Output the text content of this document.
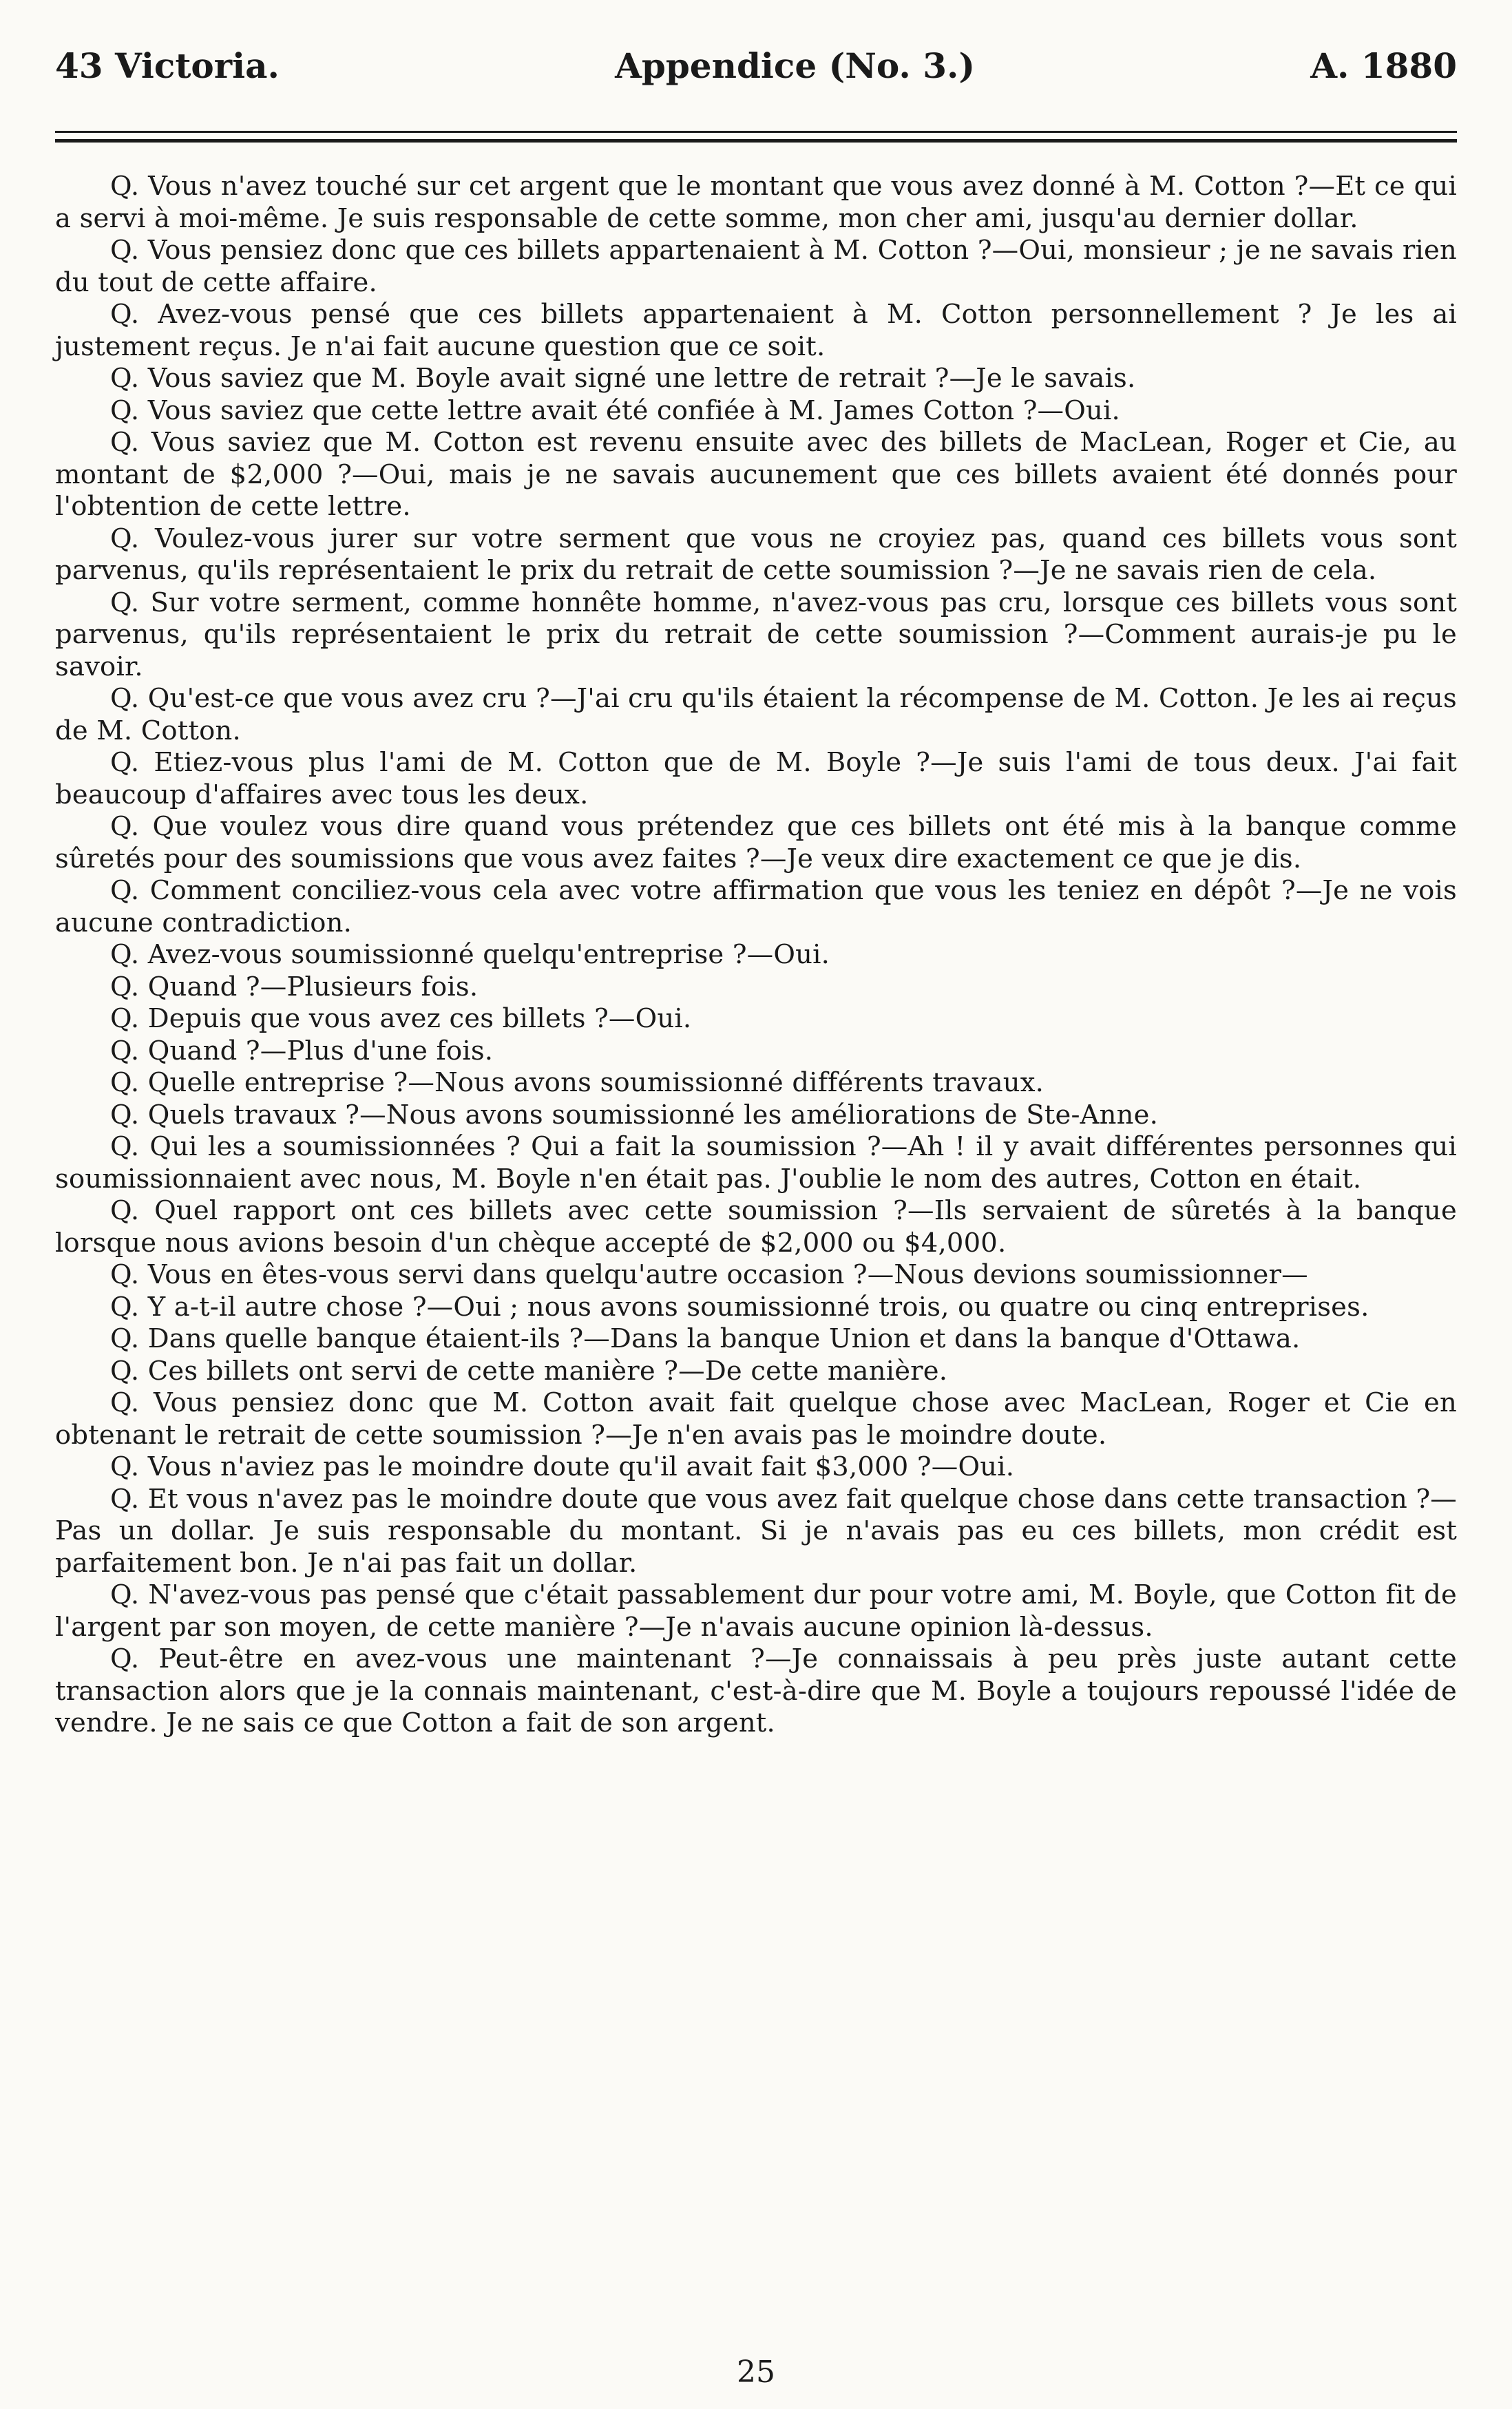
43 Victoria.	Appendice (No. 3.)	A. 1880

Q. Vous n'avez touché sur cet argent que le montant que vous avez donné à M. Cotton ?—Et ce qui a servi à moi-même. Je suis responsable de cette somme, mon cher ami, jusqu'au dernier dollar.

Q. Vous pensiez donc que ces billets appartenaient à M. Cotton ?—Oui, monsieur ; je ne savais rien du tout de cette affaire.

Q. Avez-vous pensé que ces billets appartenaient à M. Cotton personnellement ? Je les ai justement reçus. Je n'ai fait aucune question que ce soit.

Q. Vous saviez que M. Boyle avait signé une lettre de retrait ?—Je le savais.

Q. Vous saviez que cette lettre avait été confiée à M. James Cotton ?—Oui.

Q. Vous saviez que M. Cotton est revenu ensuite avec des billets de MacLean, Roger et Cie, au montant de $2,000 ?—Oui, mais je ne savais aucunement que ces billets avaient été donnés pour l'obtention de cette lettre.

Q. Voulez-vous jurer sur votre serment que vous ne croyiez pas, quand ces billets vous sont parvenus, qu'ils représentaient le prix du retrait de cette soumission ?—Je ne savais rien de cela.

Q. Sur votre serment, comme honnête homme, n'avez-vous pas cru, lorsque ces billets vous sont parvenus, qu'ils représentaient le prix du retrait de cette soumission ?—Comment aurais-je pu le savoir.

Q. Qu'est-ce que vous avez cru ?—J'ai cru qu'ils étaient la récompense de M. Cotton. Je les ai reçus de M. Cotton.

Q. Etiez-vous plus l'ami de M. Cotton que de M. Boyle ?—Je suis l'ami de tous deux. J'ai fait beaucoup d'affaires avec tous les deux.

Q. Que voulez vous dire quand vous prétendez que ces billets ont été mis à la banque comme sûretés pour des soumissions que vous avez faites ?—Je veux dire exactement ce que je dis.

Q. Comment conciliez-vous cela avec votre affirmation que vous les teniez en dépôt ?—Je ne vois aucune contradiction.

Q. Avez-vous soumissionné quelqu'entreprise ?—Oui.

Q. Quand ?—Plusieurs fois.

Q. Depuis que vous avez ces billets ?—Oui.

Q. Quand ?—Plus d'une fois.

Q. Quelle entreprise ?—Nous avons soumissionné différents travaux.

Q. Quels travaux ?—Nous avons soumissionné les améliorations de Ste-Anne.

Q. Qui les a soumissionnées ? Qui a fait la soumission ?—Ah ! il y avait différentes personnes qui soumissionnaient avec nous, M. Boyle n'en était pas. J'oublie le nom des autres, Cotton en était.

Q. Quel rapport ont ces billets avec cette soumission ?—Ils servaient de sûretés à la banque lorsque nous avions besoin d'un chèque accepté de $2,000 ou $4,000.

Q. Vous en êtes-vous servi dans quelqu'autre occasion ?—Nous devions soumissionner—

Q. Y a-t-il autre chose ?—Oui ; nous avons soumissionné trois, ou quatre ou cinq entreprises.

Q. Dans quelle banque étaient-ils ?—Dans la banque Union et dans la banque d'Ottawa.

Q. Ces billets ont servi de cette manière ?—De cette manière.

Q. Vous pensiez donc que M. Cotton avait fait quelque chose avec MacLean, Roger et Cie en obtenant le retrait de cette soumission ?—Je n'en avais pas le moindre doute.

Q. Vous n'aviez pas le moindre doute qu'il avait fait $3,000 ?—Oui.

Q. Et vous n'avez pas le moindre doute que vous avez fait quelque chose dans cette transaction ?—Pas un dollar. Je suis responsable du montant. Si je n'avais pas eu ces billets, mon crédit est parfaitement bon. Je n'ai pas fait un dollar.

Q. N'avez-vous pas pensé que c'était passablement dur pour votre ami, M. Boyle, que Cotton fit de l'argent par son moyen, de cette manière ?—Je n'avais aucune opinion là-dessus.

Q. Peut-être en avez-vous une maintenant ?—Je connaissais à peu près juste autant cette transaction alors que je la connais maintenant, c'est-à-dire que M. Boyle a toujours repoussé l'idée de vendre. Je ne sais ce que Cotton a fait de son argent.

25
